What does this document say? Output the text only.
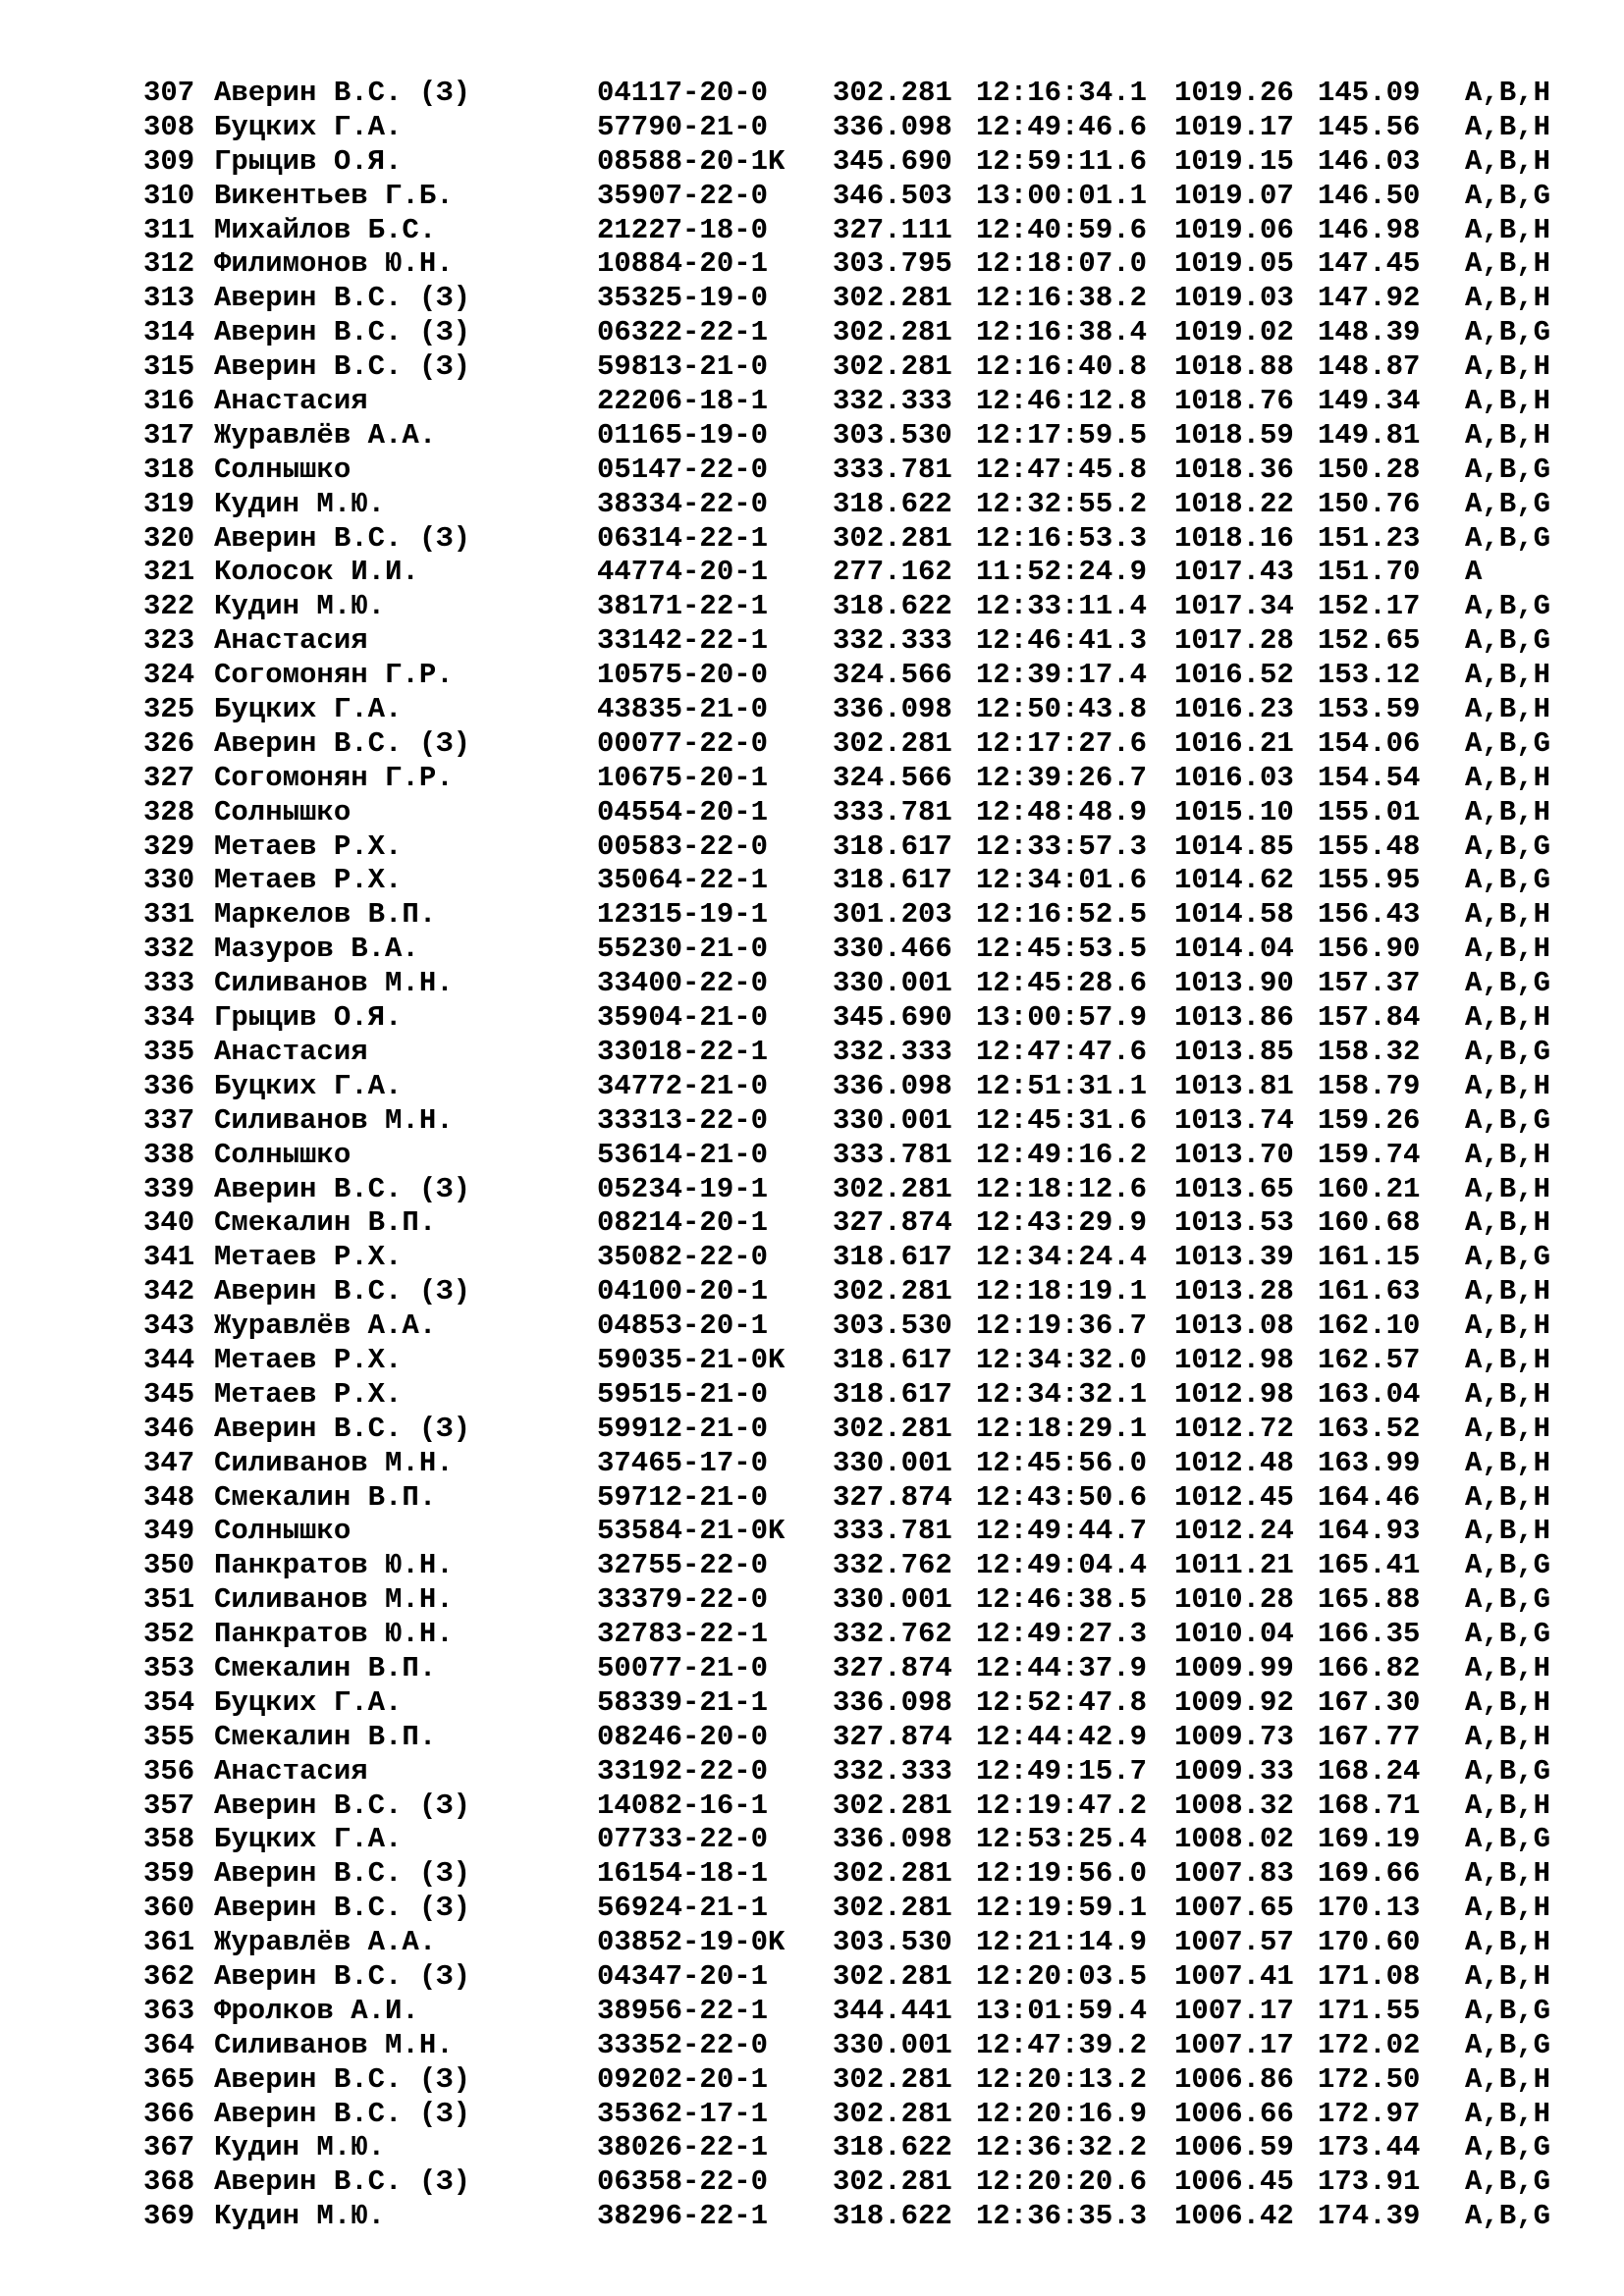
307 Аверин В.С. (З)	04117-20-0 302.281 12:16:34.1 1019.26 145.09 A,B,H
308 Буцких Г.А.	57790-21-0 336.098 12:49:46.6 1019.17 145.56 A,B,H
309 Грыцив О.Я.	08588-20-1K 345.690 12:59:11.6 1019.15 146.03 A,B,H
310 Викентьев Г.Б.	35907-22-0 346.503 13:00:01.1 1019.07 146.50 A,B,G
311 Михайлов Б.С.	21227-18-0 327.111 12:40:59.6 1019.06 146.98 A,B,H
312 Филимонов Ю.Н.	10884-20-1 303.795 12:18:07.0 1019.05 147.45 A,B,H
313 Аверин В.С. (З)	35325-19-0 302.281 12:16:38.2 1019.03 147.92 A,B,H
314 Аверин В.С. (З)	06322-22-1 302.281 12:16:38.4 1019.02 148.39 A,B,G
315 Аверин В.С. (З)	59813-21-0 302.281 12:16:40.8 1018.88 148.87 A,B,H
316 Анастасия	22206-18-1 332.333 12:46:12.8 1018.76 149.34 A,B,H
317 Журавлёв А.А.	01165-19-0 303.530 12:17:59.5 1018.59 149.81 A,B,H
318 Солнышко	05147-22-0 333.781 12:47:45.8 1018.36 150.28 A,B,G
319 Кудин М.Ю.	38334-22-0 318.622 12:32:55.2 1018.22 150.76 A,B,G
320 Аверин В.С. (З)	06314-22-1 302.281 12:16:53.3 1018.16 151.23 A,B,G
321 Колосок И.И.	44774-20-1 277.162 11:52:24.9 1017.43 151.70 A
322 Кудин М.Ю.	38171-22-1 318.622 12:33:11.4 1017.34 152.17 A,B,G
323 Анастасия	33142-22-1 332.333 12:46:41.3 1017.28 152.65 A,B,G
324 Согомонян Г.Р.	10575-20-0 324.566 12:39:17.4 1016.52 153.12 A,B,H
325 Буцких Г.А.	43835-21-0 336.098 12:50:43.8 1016.23 153.59 A,B,H
326 Аверин В.С. (З)	00077-22-0 302.281 12:17:27.6 1016.21 154.06 A,B,G
327 Согомонян Г.Р.	10675-20-1 324.566 12:39:26.7 1016.03 154.54 A,B,H
328 Солнышко	04554-20-1 333.781 12:48:48.9 1015.10 155.01 A,B,H
329 Метаев Р.Х.	00583-22-0 318.617 12:33:57.3 1014.85 155.48 A,B,G
330 Метаев Р.Х.	35064-22-1 318.617 12:34:01.6 1014.62 155.95 A,B,G
331 Маркелов В.П.	12315-19-1 301.203 12:16:52.5 1014.58 156.43 A,B,H
332 Мазуров В.А.	55230-21-0 330.466 12:45:53.5 1014.04 156.90 A,B,H
333 Силиванов М.Н.	33400-22-0 330.001 12:45:28.6 1013.90 157.37 A,B,G
334 Грыцив О.Я.	35904-21-0 345.690 13:00:57.9 1013.86 157.84 A,B,H
335 Анастасия	33018-22-1 332.333 12:47:47.6 1013.85 158.32 A,B,G
336 Буцких Г.А.	34772-21-0 336.098 12:51:31.1 1013.81 158.79 A,B,H
337 Силиванов М.Н.	33313-22-0 330.001 12:45:31.6 1013.74 159.26 A,B,G
338 Солнышко	53614-21-0 333.781 12:49:16.2 1013.70 159.74 A,B,H
339 Аверин В.С. (З)	05234-19-1 302.281 12:18:12.6 1013.65 160.21 A,B,H
340 Смекалин В.П.	08214-20-1 327.874 12:43:29.9 1013.53 160.68 A,B,H
341 Метаев Р.Х.	35082-22-0 318.617 12:34:24.4 1013.39 161.15 A,B,G
342 Аверин В.С. (З)	04100-20-1 302.281 12:18:19.1 1013.28 161.63 A,B,H
343 Журавлёв А.А.	04853-20-1 303.530 12:19:36.7 1013.08 162.10 A,B,H
344 Метаев Р.Х.	59035-21-0K 318.617 12:34:32.0 1012.98 162.57 A,B,H
345 Метаев Р.Х.	59515-21-0 318.617 12:34:32.1 1012.98 163.04 A,B,H
346 Аверин В.С. (З)	59912-21-0 302.281 12:18:29.1 1012.72 163.52 A,B,H
347 Силиванов М.Н.	37465-17-0 330.001 12:45:56.0 1012.48 163.99 A,B,H
348 Смекалин В.П.	59712-21-0 327.874 12:43:50.6 1012.45 164.46 A,B,H
349 Солнышко	53584-21-0K 333.781 12:49:44.7 1012.24 164.93 A,B,H
350 Панкратов Ю.Н.	32755-22-0 332.762 12:49:04.4 1011.21 165.41 A,B,G
351 Силиванов М.Н.	33379-22-0 330.001 12:46:38.5 1010.28 165.88 A,B,G
352 Панкратов Ю.Н.	32783-22-1 332.762 12:49:27.3 1010.04 166.35 A,B,G
353 Смекалин В.П.	50077-21-0 327.874 12:44:37.9 1009.99 166.82 A,B,H
354 Буцких Г.А.	58339-21-1 336.098 12:52:47.8 1009.92 167.30 A,B,H
355 Смекалин В.П.	08246-20-0 327.874 12:44:42.9 1009.73 167.77 A,B,H
356 Анастасия	33192-22-0 332.333 12:49:15.7 1009.33 168.24 A,B,G
357 Аверин В.С. (З)	14082-16-1 302.281 12:19:47.2 1008.32 168.71 A,B,H
358 Буцких Г.А.	07733-22-0 336.098 12:53:25.4 1008.02 169.19 A,B,G
359 Аверин В.С. (З)	16154-18-1 302.281 12:19:56.0 1007.83 169.66 A,B,H
360 Аверин В.С. (З)	56924-21-1 302.281 12:19:59.1 1007.65 170.13 A,B,H
361 Журавлёв А.А.	03852-19-0K 303.530 12:21:14.9 1007.57 170.60 A,B,H
362 Аверин В.С. (З)	04347-20-1 302.281 12:20:03.5 1007.41 171.08 A,B,H
363 Фролков А.И.	38956-22-1 344.441 13:01:59.4 1007.17 171.55 A,B,G
364 Силиванов М.Н.	33352-22-0 330.001 12:47:39.2 1007.17 172.02 A,B,G
365 Аверин В.С. (З)	09202-20-1 302.281 12:20:13.2 1006.86 172.50 A,B,H
366 Аверин В.С. (З)	35362-17-1 302.281 12:20:16.9 1006.66 172.97 A,B,H
367 Кудин М.Ю.	38026-22-1 318.622 12:36:32.2 1006.59 173.44 A,B,G
368 Аверин В.С. (З)	06358-22-0 302.281 12:20:20.6 1006.45 173.91 A,B,G
369 Кудин М.Ю.	38296-22-1 318.622 12:36:35.3 1006.42 174.39 A,B,G
